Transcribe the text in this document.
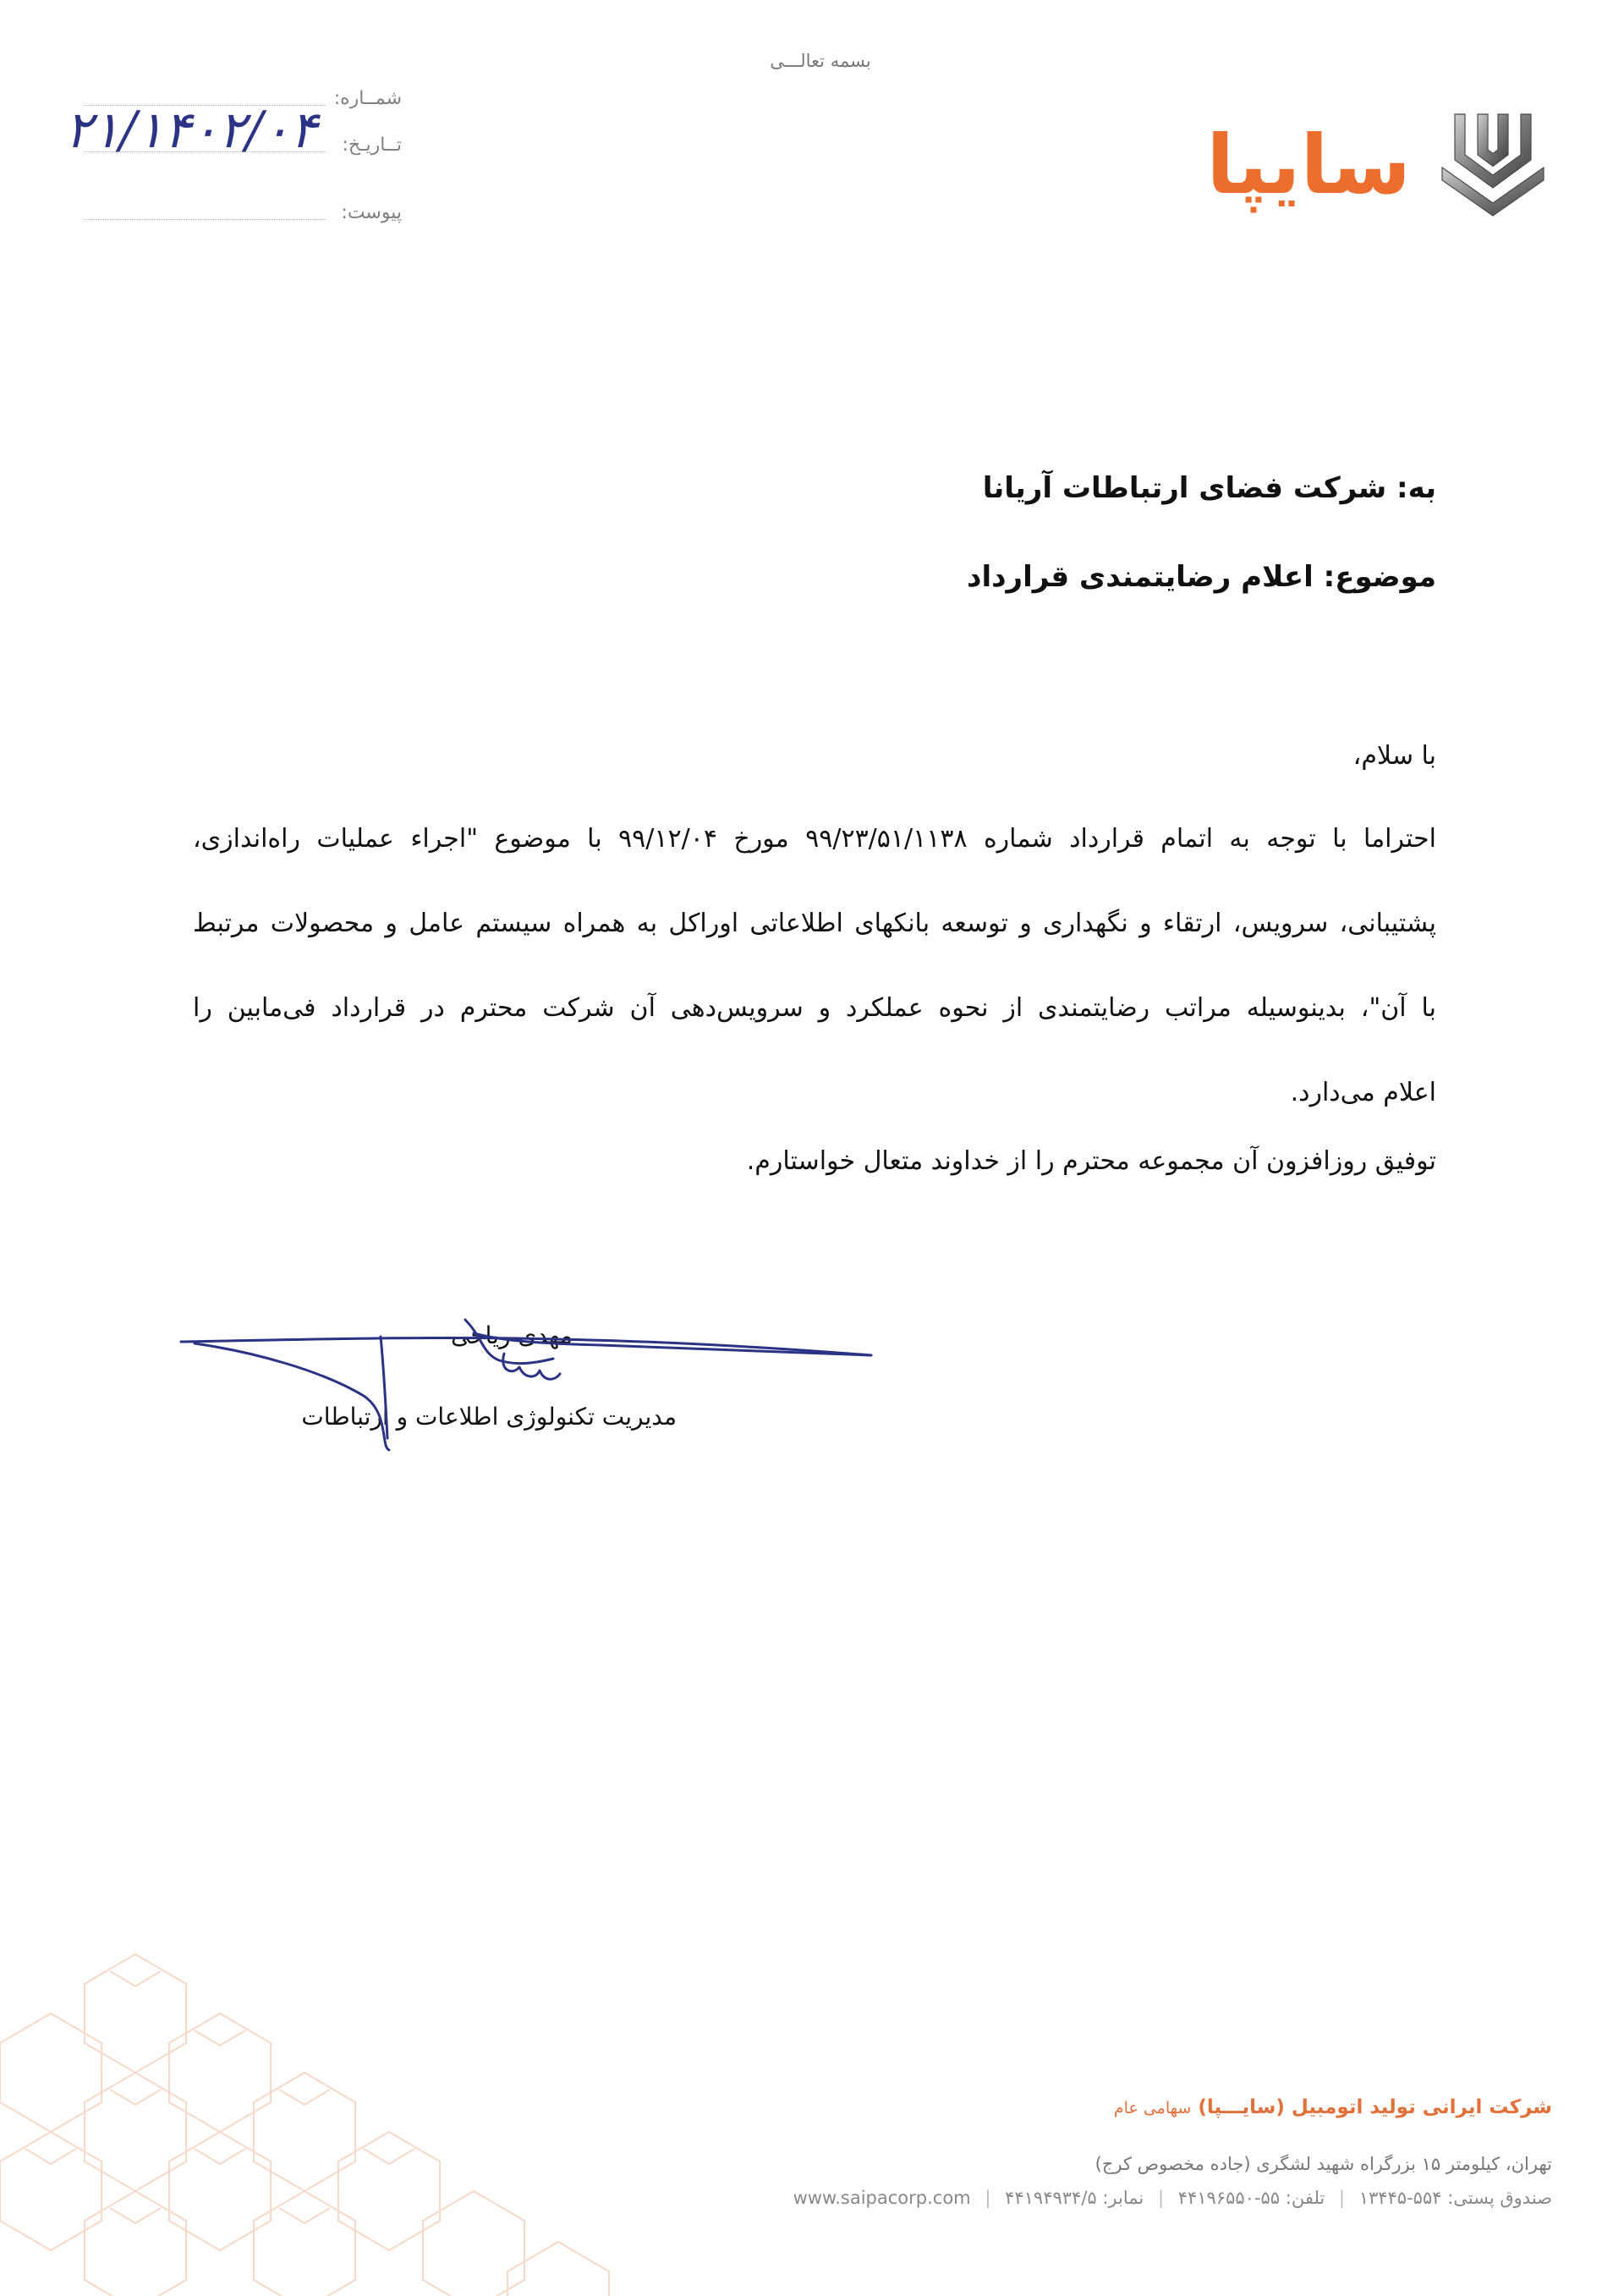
بسمه تعالـــی
سایپا
شمــاره:
تــاریـخ:
١۴٠٢/٠۴/٢١
پیوست:
به: شرکت فضای ارتباطات آریانا
موضوع: اعلام رضایتمندی قرارداد
با سلام،
احتراما با توجه به اتمام قرارداد شماره ۹۹/۲۳/۵۱/۱۱۳۸ مورخ ۹۹/۱۲/۰۴ با موضوع "اجراء عملیات راه‌اندازی،
پشتیبانی، سرویس، ارتقاء و نگهداری و توسعه بانکهای اطلاعاتی اوراکل به همراه سیستم عامل و محصولات مرتبط
با آن"، بدینوسیله مراتب رضایتمندی از نحوه عملکرد و سرویس‌دهی آن شرکت محترم در قرارداد فی‌مابین را
اعلام می‌دارد.
توفیق روزافزون آن مجموعه محترم را از خداوند متعال خواستارم.
مهدی ریاحی
مدیریت تکنولوژی اطلاعات و ارتباطات
شرکت ایرانی تولید اتومبیل (سایـــپا) سهامی عام
تهران، کیلومتر ۱۵ بزرگراه شهید لشگری (جاده مخصوص کرج)
صندوق پستی: ۵۵۴-۱۳۴۴۵ | تلفن: ۵۵-۴۴۱۹۶۵۵۰ | نمابر: ۴۴۱۹۴۹۳۴/۵ | www.saipacorp.com
